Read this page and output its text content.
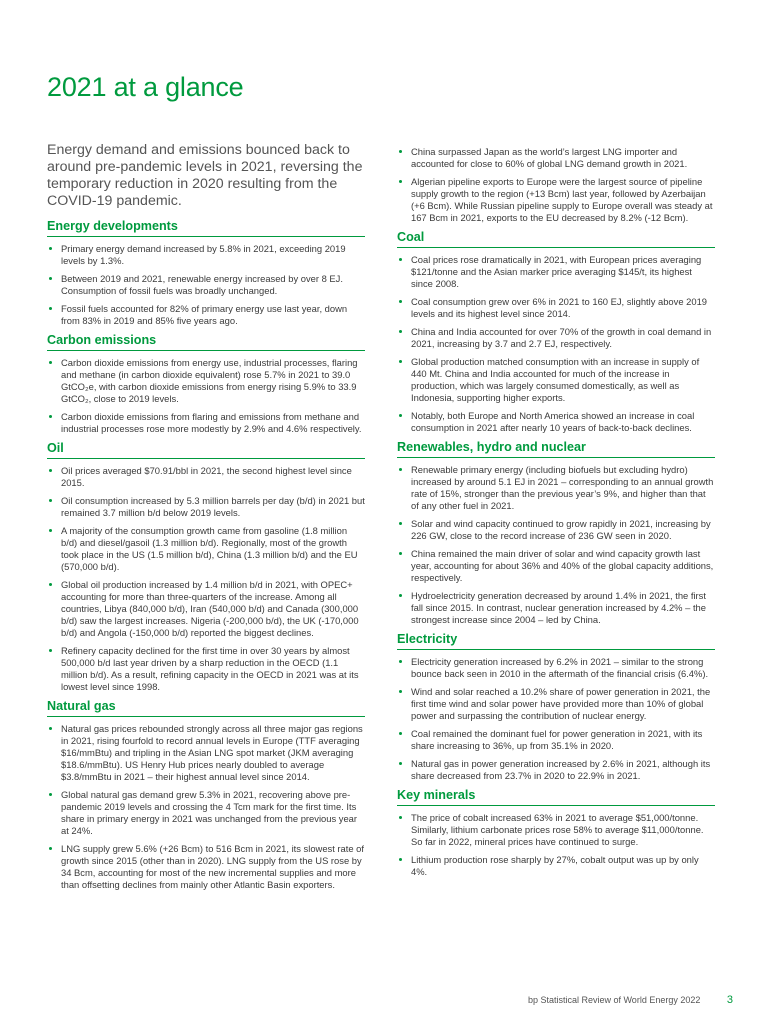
2021 at a glance

Energy demand and emissions bounced back to around pre-pandemic levels in 2021, reversing the temporary reduction in 2020 resulting from the COVID-19 pandemic.

Energy developments
Primary energy demand increased by 5.8% in 2021, exceeding 2019 levels by 1.3%.
Between 2019 and 2021, renewable energy increased by over 8 EJ. Consumption of fossil fuels was broadly unchanged.
Fossil fuels accounted for 82% of primary energy use last year, down from 83% in 2019 and 85% five years ago.
Carbon emissions
Carbon dioxide emissions from energy use, industrial processes, flaring and methane (in carbon dioxide equivalent) rose 5.7% in 2021 to 39.0 GtCO₂e, with carbon dioxide emissions from energy rising 5.9% to 33.9 GtCO₂, close to 2019 levels.
Carbon dioxide emissions from flaring and emissions from methane and industrial processes rose more modestly by 2.9% and 4.6% respectively.
Oil
Oil prices averaged $70.91/bbl in 2021, the second highest level since 2015.
Oil consumption increased by 5.3 million barrels per day (b/d) in 2021 but remained 3.7 million b/d below 2019 levels.
A majority of the consumption growth came from gasoline (1.8 million b/d) and diesel/gasoil (1.3 million b/d). Regionally, most of the growth took place in the US (1.5 million b/d), China (1.3 million b/d) and the EU (570,000 b/d).
Global oil production increased by 1.4 million b/d in 2021, with OPEC+ accounting for more than three-quarters of the increase. Among all countries, Libya (840,000 b/d), Iran (540,000 b/d) and Canada (300,000 b/d) saw the largest increases. Nigeria (-200,000 b/d), the UK (-170,000 b/d) and Angola (-150,000 b/d) reported the biggest declines.
Refinery capacity declined for the first time in over 30 years by almost 500,000 b/d last year driven by a sharp reduction in the OECD (1.1 million b/d). As a result, refining capacity in the OECD in 2021 was at its lowest level since 1998.
Natural gas
Natural gas prices rebounded strongly across all three major gas regions in 2021, rising fourfold to record annual levels in Europe (TTF averaging $16/mmBtu) and tripling in the Asian LNG spot market (JKM averaging $18.6/mmBtu). US Henry Hub prices nearly doubled to average $3.8/mmBtu in 2021 – their highest annual level since 2014.
Global natural gas demand grew 5.3% in 2021, recovering above pre-pandemic 2019 levels and crossing the 4 Tcm mark for the first time. Its share in primary energy in 2021 was unchanged from the previous year at 24%.
LNG supply grew 5.6% (+26 Bcm) to 516 Bcm in 2021, its slowest rate of growth since 2015 (other than in 2020). LNG supply from the US rose by 34 Bcm, accounting for most of the new incremental supplies and more than offsetting declines from mainly other Atlantic Basin exporters.
China surpassed Japan as the world’s largest LNG importer and accounted for close to 60% of global LNG demand growth in 2021.
Algerian pipeline exports to Europe were the largest source of pipeline supply growth to the region (+13 Bcm) last year, followed by Azerbaijan (+6 Bcm). While Russian pipeline supply to Europe overall was steady at 167 Bcm in 2021, exports to the EU decreased by 8.2% (-12 Bcm).
Coal
Coal prices rose dramatically in 2021, with European prices averaging $121/tonne and the Asian marker price averaging $145/t, its highest since 2008.
Coal consumption grew over 6% in 2021 to 160 EJ, slightly above 2019 levels and its highest level since 2014.
China and India accounted for over 70% of the growth in coal demand in 2021, increasing by 3.7 and 2.7 EJ, respectively.
Global production matched consumption with an increase in supply of 440 Mt. China and India accounted for much of the increase in production, which was largely consumed domestically, as well as Indonesia, supporting higher exports.
Notably, both Europe and North America showed an increase in coal consumption in 2021 after nearly 10 years of back-to-back declines.
Renewables, hydro and nuclear
Renewable primary energy (including biofuels but excluding hydro) increased by around 5.1 EJ in 2021 – corresponding to an annual growth rate of 15%, stronger than the previous year’s 9%, and higher than that of any other fuel in 2021.
Solar and wind capacity continued to grow rapidly in 2021, increasing by 226 GW, close to the record increase of 236 GW seen in 2020.
China remained the main driver of solar and wind capacity growth last year, accounting for about 36% and 40% of the global capacity additions, respectively.
Hydroelectricity generation decreased by around 1.4% in 2021, the first fall since 2015. In contrast, nuclear generation increased by 4.2% – the strongest increase since 2004 – led by China.
Electricity
Electricity generation increased by 6.2% in 2021 – similar to the strong bounce back seen in 2010 in the aftermath of the financial crisis (6.4%).
Wind and solar reached a 10.2% share of power generation in 2021, the first time wind and solar power have provided more than 10% of global power and surpassing the contribution of nuclear energy.
Coal remained the dominant fuel for power generation in 2021, with its share increasing to 36%, up from 35.1% in 2020.
Natural gas in power generation increased by 2.6% in 2021, although its share decreased from 23.7% in 2020 to 22.9% in 2021.
Key minerals
The price of cobalt increased 63% in 2021 to average $51,000/tonne. Similarly, lithium carbonate prices rose 58% to average $11,000/tonne. So far in 2022, mineral prices have continued to surge.
Lithium production rose sharply by 27%, cobalt output was up by only 4%.
bp Statistical Review of World Energy 2022 3
